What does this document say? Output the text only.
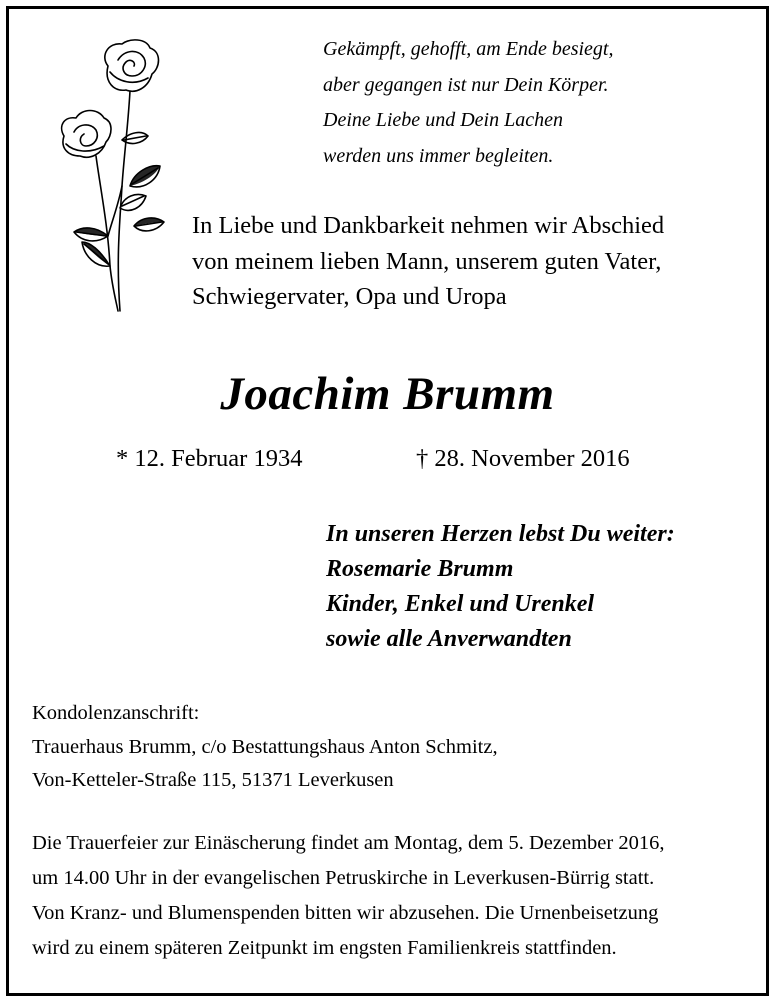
Gekämpft, gehofft, am Ende besiegt,
aber gegangen ist nur Dein Körper.
Deine Liebe und Dein Lachen
werden uns immer begleiten.
In Liebe und Dankbarkeit nehmen wir Abschied
von meinem lieben Mann, unserem guten Vater,
Schwiegervater, Opa und Uropa
Joachim Brumm
* 12. Februar 1934	† 28. November 2016
In unseren Herzen lebst Du weiter:
Rosemarie Brumm
Kinder, Enkel und Urenkel
sowie alle Anverwandten
Kondolenzanschrift:
Trauerhaus Brumm, c/o Bestattungshaus Anton Schmitz,
Von-Ketteler-Straße 115, 51371 Leverkusen
Die Trauerfeier zur Einäscherung findet am Montag, dem 5. Dezember 2016,
um 14.00 Uhr in der evangelischen Petruskirche in Leverkusen-Bürrig statt.
Von Kranz- und Blumenspenden bitten wir abzusehen. Die Urnenbeisetzung
wird zu einem späteren Zeitpunkt im engsten Familienkreis stattfinden.
